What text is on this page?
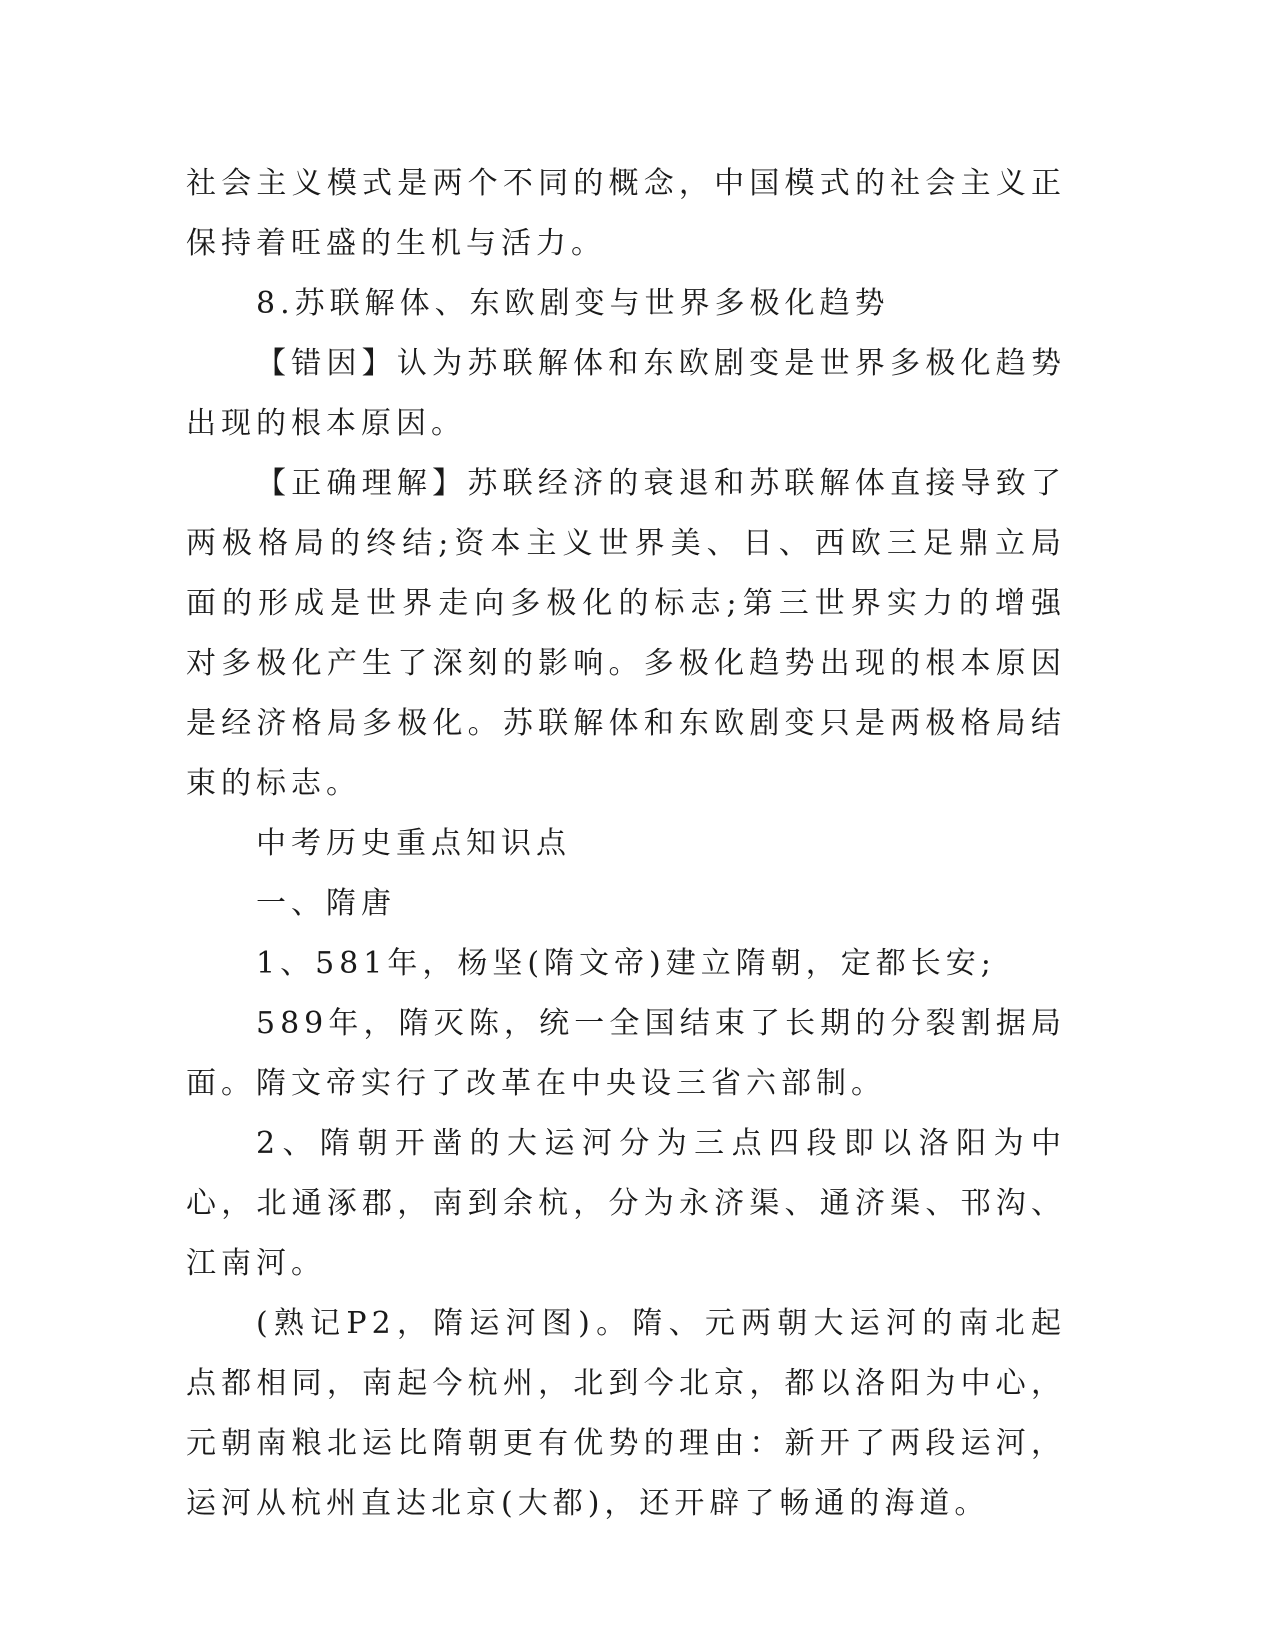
社会主义模式是两个不同的概念，中国模式的社会主义正保持着旺盛的生机与活力。

8.苏联解体、东欧剧变与世界多极化趋势

【错因】认为苏联解体和东欧剧变是世界多极化趋势出现的根本原因。

【正确理解】苏联经济的衰退和苏联解体直接导致了两极格局的终结;资本主义世界美、日、西欧三足鼎立局面的形成是世界走向多极化的标志;第三世界实力的增强对多极化产生了深刻的影响。多极化趋势出现的根本原因是经济格局多极化。苏联解体和东欧剧变只是两极格局结束的标志。

中考历史重点知识点

一、隋唐

1、581年，杨坚(隋文帝)建立隋朝，定都长安;

589年，隋灭陈，统一全国结束了长期的分裂割据局面。隋文帝实行了改革在中央设三省六部制。

2、隋朝开凿的大运河分为三点四段即以洛阳为中心，北通涿郡，南到余杭，分为永济渠、通济渠、邗沟、江南河。

(熟记P2，隋运河图)。隋、元两朝大运河的南北起点都相同，南起今杭州，北到今北京，都以洛阳为中心，元朝南粮北运比隋朝更有优势的理由：新开了两段运河，运河从杭州直达北京(大都)，还开辟了畅通的海道。
